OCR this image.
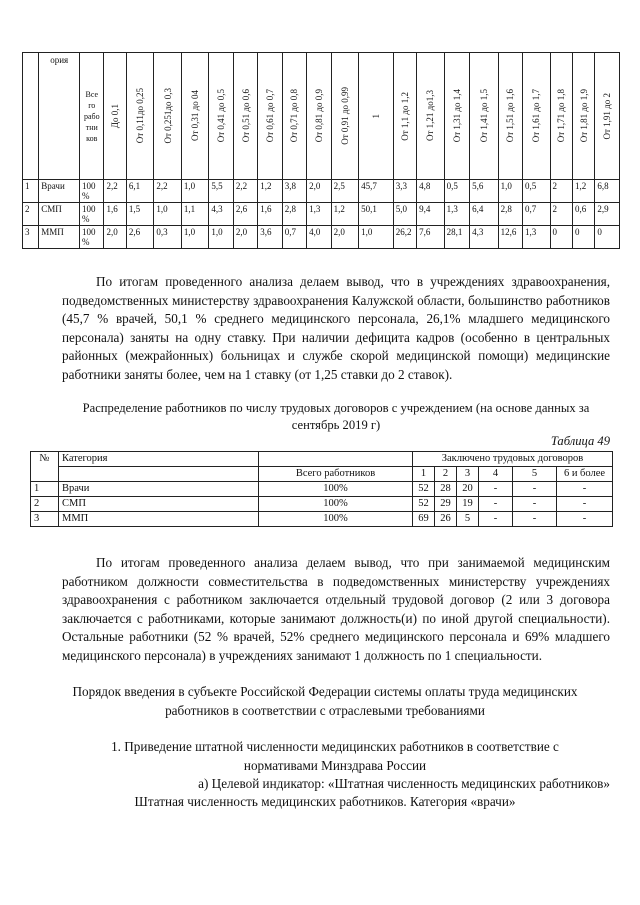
	ория	Все
го
рабо
тни
ков	До 0,1	От 0,11до 0,25	От 0,251до 0,3	От 0,31 до 04	От 0,41 до 0,5	От 0,51 до 0,6	От 0,61 до 0,7	От 0,71 до 0,8	От 0,81 до 0,9	От 0,91 до 0,99	1	От 1,1 до 1,2	От 1,21 до1,3	От 1,31 до 1,4	От 1,41 до 1,5	От 1,51 до 1,6	От 1,61 до 1,7	От 1,71 до 1,8	От 1,81 до 1,9	От 1,91 до 2

1	Врачи	100
%	2,2	6,1	2,2	1,0	5,5	2,2	1,2	3,8	2,0	2,5	45,7	3,3	4,8	0,5	5,6	1,0	0,5	2	1,2	6,8
2	СМП	100
%	1,6	1,5	1,0	1,1	4,3	2,6	1,6	2,8	1,3	1,2	50,1	5,0	9,4	1,3	6,4	2,8	0,7	2	0,6	2,9
3	ММП	100
%	2,0	2,6	0,3	1,0	1,0	2,0	3,6	0,7	4,0	2,0	1,0	26,2	7,6	28,1	4,3	12,6	1,3	0	0	0

По итогам проведенного анализа делаем вывод, что в учреждениях здравоохранения, подведомственных министерству здравоохранения Калужской области, большинство работников (45,7 % врачей, 50,1 % среднего медицинского персонала, 26,1% младшего медицинского персонала) заняты на одну ставку. При наличии дефицита кадров (особенно в центральных районных (межрайонных) больницах и службе скорой медицинской помощи) медицинские работники заняты более, чем на 1 ставку (от 1,25 ставки до 2 ставок).

Распределение работников по числу трудовых договоров с учреждением (на основе данных за сентябрь 2019 г)

Таблица 49

№	Категория		Заключено трудовых договоров					
		Всего работников	1	2	3	4	5	6 и более
1	Врачи	100%	52	28	20	-	-	-
2	СМП	100%	52	29	19	-	-	-
3	ММП	100%	69	26	5	-	-	-

По итогам проведенного анализа делаем вывод, что при занимаемой медицинским работником должности совместительства в подведомственных министерству учреждениях здравоохранения с работником заключается отдельный трудовой договор (2 или 3 договора заключается с работниками, которые занимают должность(и) по иной другой специальности). Остальные работники (52 % врачей, 52% среднего медицинского персонала и 69% младшего медицинского персонала) в учреждениях занимают 1 должность по 1 специальности.

Порядок введения в субъекте Российской Федерации системы оплаты труда медицинских работников в соответствии с отраслевыми требованиями

1. Приведение штатной численности медицинских работников в соответствие с нормативами Минздрава России

а) Целевой индикатор: «Штатная численность медицинских работников»

Штатная численность медицинских работников. Категория «врачи»
